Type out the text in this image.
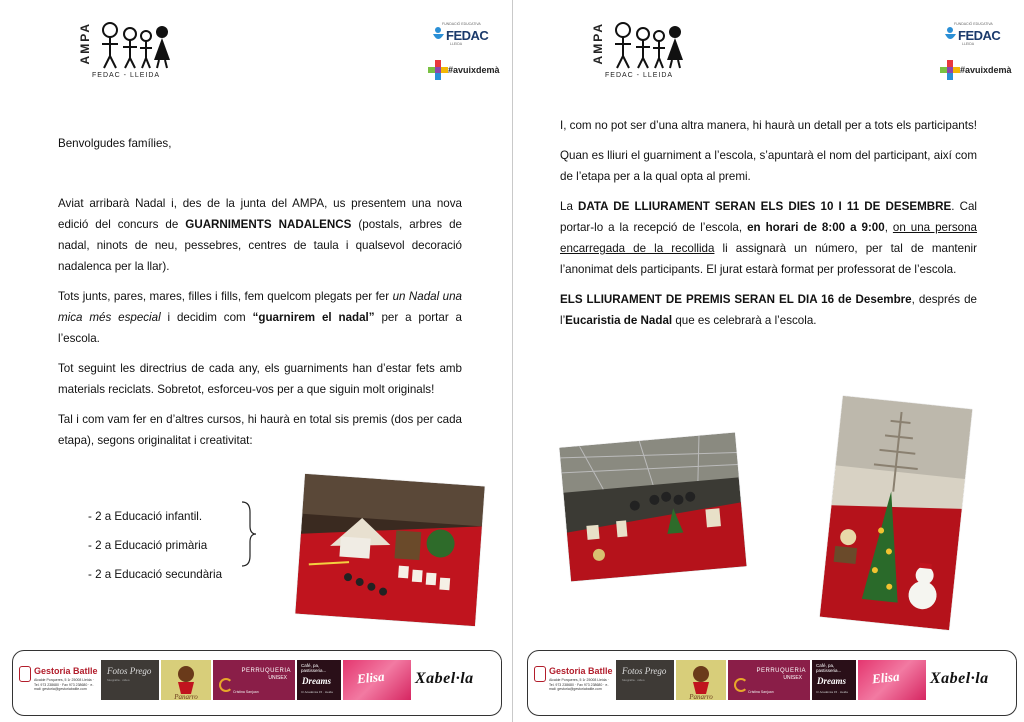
AMPA
FEDAC - LLEIDA
FUNDACIÓ EDUCATIVA
FEDAC
LLEIDA
#avuixdemà

Benvolgudes famílies,

Aviat arribarà Nadal i, des de la junta del AMPA, us presentem una nova edició del concurs de GUARNIMENTS NADALENCS (postals, arbres de nadal, ninots de neu, pessebres, centres de taula i qualsevol decoració nadalenca per la llar).

Tots junts, pares, mares, filles i fills, fem quelcom plegats per fer un Nadal una mica més especial i decidim com “guarnirem el nadal” per a portar a l’escola.

Tot seguint les directrius de cada any, els guarniments han d’estar fets amb materials reciclats. Sobretot, esforceu-vos per a que siguin molt originals!

Tal i com vam fer en d’altres cursos, hi haurà en total sis premis (dos per cada etapa), segons originalitat i creativitat:

- 2 a Educació infantil.
- 2 a Educació primària
- 2 a Educació secundària
Gestoria Batlle
Alcalde Porqueres, 5 1r 25008 Lleida · Tel. 973 238680 · Fax 973 238680 · e-mail: gestoria@gestoriabatlle.com
Fotos Prego
fotografia · vídeo
Panarro
PERRUQUERIA
UNISEX
Cristina Sanjuan
Café, pa, pastisseria...
Dreams
C/ Acadèmia 15 · Lleida
Elisa Xabel·la
AMPA
FEDAC - LLEIDA
FUNDACIÓ EDUCATIVA
FEDAC
LLEIDA
#avuixdemà

I, com no pot ser d’una altra manera, hi haurà un detall per a tots els participants!

Quan es lliuri el guarniment a l’escola, s’apuntarà el nom del participant, així com de l’etapa per a la qual opta al premi.

La DATA DE LLIURAMENT SERAN ELS DIES 10 I 11 DE DESEMBRE. Cal portar-lo a la recepció de l’escola, en horari de 8:00 a 9:00, on una persona encarregada de la recollida li assignarà un número, per tal de mantenir l’anonimat dels participants. El jurat estarà format per professorat de l’escola.

ELS LLIURAMENT DE PREMIS SERAN EL DIA 16 de Desembre, després de l’Eucaristia de Nadal que es celebrarà a l’escola.

Gestoria Batlle
Alcalde Porqueres, 5 1r 25008 Lleida · Tel. 973 238680 · Fax 973 238680 · e-mail: gestoria@gestoriabatlle.com
Fotos Prego
fotografia · vídeo
Panarro
PERRUQUERIA
UNISEX
Cristina Sanjuan
Café, pa, pastisseria...
Dreams
C/ Acadèmia 15 · Lleida
Elisa Xabel·la
